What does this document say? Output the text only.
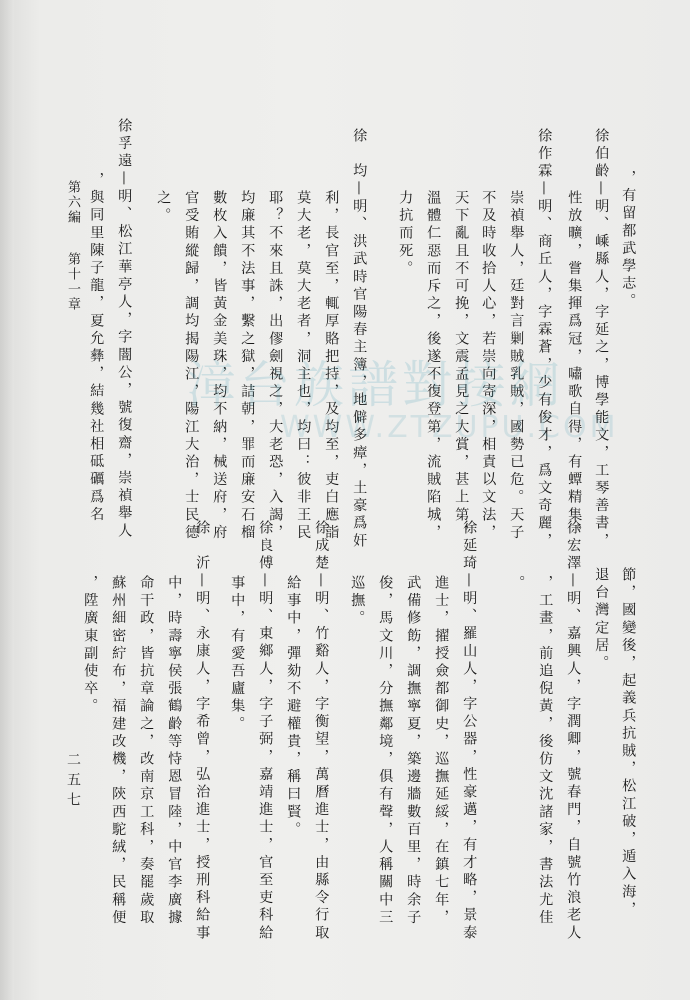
，有留都武學志。
徐伯齡—明、嵊縣人，字延之，博學能文，工琴善書，
性放曠，嘗集揮爲冠，嘯歌自得，有蟫精集。
徐作霖—明、商丘人，字霖蒼，少有俊才，爲文奇麗，
崇禎舉人，廷對言剿賊乳賊，國勢已危。天子
不及時收拾人心，若崇向寄深，相責以文法，
天下亂且不可挽，文震孟見之大賞，甚上第，
溫體仁惡而斥之，後遂不復登第，流賊陷城，
力抗而死。
徐　均—明、洪武時官陽春主簿，地僻多瘴，土豪爲奸
利，長官至，輒厚賂把持，及均至，吏白應詣
莫大老，莫大老者，洞主也，均曰：彼非王民
耶？不來且誅，出僇劍視之，大老恐，入謁，
均廉其不法事，繫之獄，詰朝，罪而廉安石榴
數枚入饋，皆黃金美珠，均不納，械送府，府
官受賄縱歸，調均揭陽江，陽江大治，士民德
之。
徐孚遠—明、松江華亭人，字闇公，號復齋，崇禎舉人
，與同里陳子龍，夏允彝，結幾社相砥礪爲名
節，國變後，起義兵抗賊，松江破，遁入海，
退台灣定居。
徐宏澤—明、嘉興人，字潤卿，號春門，自號竹浪老人
，工畫，前追倪黃，後仿文沈諸家，書法尤佳
。
徐延琦—明、羅山人，字公器，性豪邁，有才略，景泰
進士，擢授僉都御史，巡撫延綏，在鎮七年，
武備修飭，調撫寧夏，築邊牆數百里，時余子
俊，馬文川，分撫鄰境，俱有聲，人稱關中三
巡撫。
徐成楚—明、竹谿人，字衡望，萬曆進士，由縣令行取
給事中，彈劾不避權貴，稱曰賢。
徐良傅—明、東鄉人，字子弼，嘉靖進士，官至吏科給
事中，有愛吾廬集。
徐　沂—明、永康人，字希曾，弘治進士，授刑科給事
中，時壽寧侯張鶴齡等恃恩冒陸，中官李廣據
命干政，皆抗章論之，改南京工科，奏罷歲取
蘇州細密紵布，福建改機，陝西駝絨，民稱便
，陞廣東副使卒。
第六編
第十一章
二五七
漳台族譜對接網
WWW.ZTZUPU.COM
